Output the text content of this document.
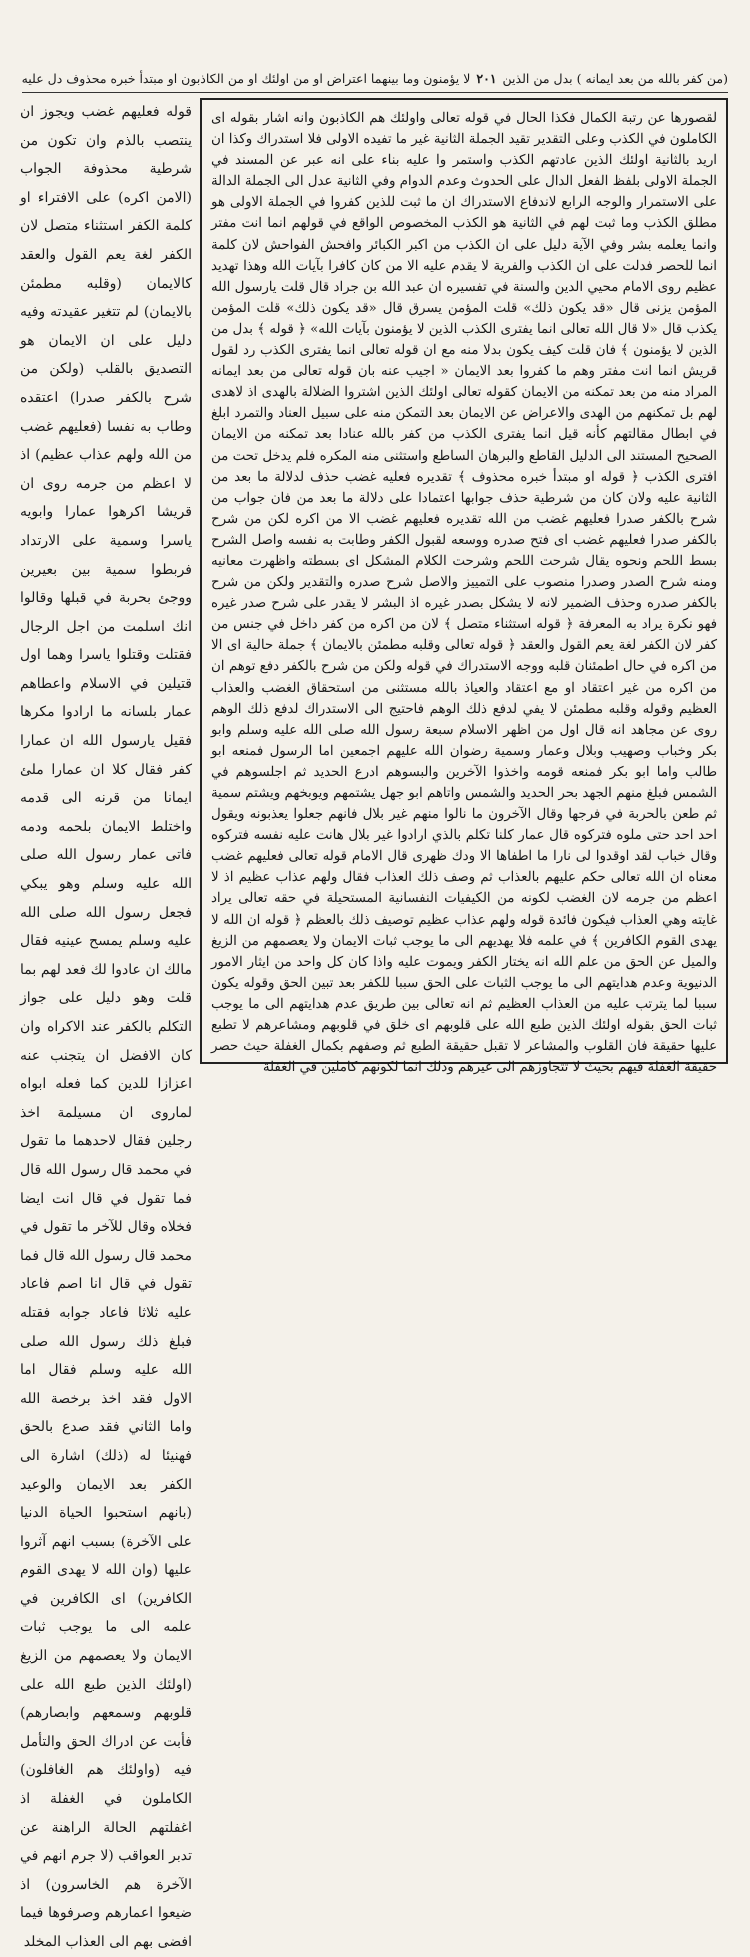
(من كفر بالله من بعد ايمانه ) بدل من الذين
٢٠١
لا يؤمنون وما بينهما اعتراض او من اولئك او من الكاذبون او مبتدأ خبره محذوف دل عليه
قوله فعليهم غضب ويجوز ان ينتصب بالذم وان تكون من شرطية محذوفة الجواب (الامن اكره) على الافتراء او كلمة الكفر استثناء متصل لان الكفر لغة يعم القول والعقد كالايمان (وقلبه مطمئن بالايمان) لم تتغير عقيدته وفيه دليل على ان الايمان هو التصديق بالقلب (ولكن من شرح بالكفر صدرا) اعتقده وطاب به نفسا (فعليهم غضب من الله ولهم عذاب عظيم) اذ لا اعظم من جرمه روى ان قريشا اكرهوا عمارا وابويه ياسرا وسمية على الارتداد فربطوا سمية بين بعيرين ووجئ بحربة في قبلها وقالوا انك اسلمت من اجل الرجال فقتلت وقتلوا ياسرا وهما اول قتيلين في الاسلام واعطاهم عمار بلسانه ما ارادوا مكرها فقيل يارسول الله ان عمارا كفر فقال كلا ان عمارا ملئ ايمانا من قرنه الى قدمه واختلط الايمان بلحمه ودمه فاتى عمار رسول الله صلى الله عليه وسلم وهو يبكي فجعل رسول الله صلى الله عليه وسلم يمسح عينيه فقال مالك ان عادوا لك فعد لهم بما قلت وهو دليل على جواز التكلم بالكفر عند الاكراه وان كان الافضل ان يتجنب عنه اعزازا للدين كما فعله ابواه لماروى ان مسيلمة اخذ رجلين فقال لاحدهما ما تقول في محمد قال رسول الله قال فما تقول في قال انت ايضا فخلاه وقال للآخر ما تقول في محمد قال رسول الله قال فما تقول في قال انا اصم فاعاد عليه ثلاثا فاعاد جوابه فقتله فبلغ ذلك رسول الله صلى الله عليه وسلم فقال اما الاول فقد اخذ برخصة الله واما الثاني فقد صدع بالحق فهنيئا له (ذلك) اشارة الى الكفر بعد الايمان والوعيد (بانهم استحبوا الحياة الدنيا على الآخرة) بسبب انهم آثروا عليها (وان الله لا يهدى القوم الكافرين) اى الكافرين في علمه الى ما يوجب ثبات الايمان ولا يعصمهم من الزيغ (اولئك الذين طبع الله على قلوبهم وسمعهم وابصارهم) فأبت عن ادراك الحق والتأمل فيه (واولئك هم الغافلون) الكاملون في الغفلة اذ اغفلتهم الحالة الراهنة عن تدبر العواقب (لا جرم انهم في الآخرة هم الخاسرون) اذ ضيعوا اعمارهم وصرفوها فيما افضى بهم الى العذاب المخلد
لقصورها عن رتبة الكمال فكذا الحال في قوله تعالى واولئك هم الكاذبون وانه اشار بقوله اى الكاملون في الكذب وعلى التقدير تقيد الجملة الثانية غير ما تفيده الاولى فلا استدراك وكذا ان اريد بالثانية اولئك الذين عادتهم الكذب واستمر وا عليه بناء على انه عبر عن المسند في الجملة الاولى بلفظ الفعل الدال على الحدوث وعدم الدوام وفي الثانية عدل الى الجملة الدالة على الاستمرار والوجه الرابع لاندفاع الاستدراك ان ما ثبت للذين كفروا في الجملة الاولى هو مطلق الكذب وما ثبت لهم في الثانية هو الكذب المخصوص الواقع في قولهم انما انت مفتر وانما يعلمه بشر وفي الآية دليل على ان الكذب من اكبر الكبائر وافحش الفواحش لان كلمة انما للحصر فدلت على ان الكذب والفرية لا يقدم عليه الا من كان كافرا بآيات الله وهذا تهديد عظيم روى الامام محيي الدين والسنة في تفسيره ان عبد الله بن جراد قال قلت يارسول الله المؤمن يزنى قال «قد يكون ذلك» قلت المؤمن يسرق قال «قد يكون ذلك» قلت المؤمن يكذب قال «لا قال الله تعالى انما يفترى الكذب الذين لا يؤمنون بآيات الله» ﴿ قوله ﴾ بدل من الذين لا يؤمنون ﴾ فان قلت كيف يكون بدلا منه مع ان قوله تعالى انما يفترى الكذب رد لقول قريش انما انت مفتر وهم ما كفروا بعد الايمان « اجيب عنه بان قوله تعالى من بعد ايمانه المراد منه من بعد تمكنه من الايمان كقوله تعالى اولئك الذين اشتروا الضلالة بالهدى اذ لاهدى لهم بل تمكنهم من الهدى والاعراض عن الايمان بعد التمكن منه على سبيل العناد والتمرد ابلغ في ابطال مقالتهم كأنه قيل انما يفترى الكذب من كفر بالله عنادا بعد تمكنه من الايمان الصحيح المستند الى الدليل القاطع والبرهان الساطع واستثنى منه المكره فلم يدخل تحت من افترى الكذب ﴿ قوله او مبتدأ خبره محذوف ﴾ تقديره فعليه غضب حذف لدلالة ما بعد من الثانية عليه ولان كان من شرطية حذف جوابها اعتمادا على دلالة ما بعد من فان جواب من شرح بالكفر صدرا فعليهم غضب من الله تقديره فعليهم غضب الا من اكره لكن من شرح بالكفر صدرا فعليهم غضب اى فتح صدره ووسعه لقبول الكفر وطابت به نفسه واصل الشرح بسط اللحم ونحوه يقال شرحت اللحم وشرحت الكلام المشكل اى بسطته واظهرت معانيه ومنه شرح الصدر وصدرا منصوب على التمييز والاصل شرح صدره والتقدير ولكن من شرح بالكفر صدره وحذف الضمير لانه لا يشكل بصدر غيره اذ البشر لا يقدر على شرح صدر غيره فهو نكرة يراد به المعرفة ﴿ قوله استثناء متصل ﴾ لان من اكره من كفر داخل في جنس من كفر لان الكفر لغة يعم القول والعقد ﴿ قوله تعالى وقلبه مطمئن بالايمان ﴾ جملة حالية اى الا من اكره في حال اطمئنان قلبه ووجه الاستدراك في قوله ولكن من شرح بالكفر دفع توهم ان من اكره من غير اعتقاد او مع اعتقاد والعياذ بالله مستثنى من استحقاق الغضب والعذاب العظيم وقوله وقلبه مطمئن لا يفي لدفع ذلك الوهم فاحتيج الى الاستدراك لدفع ذلك الوهم روى عن مجاهد انه قال اول من اظهر الاسلام سبعة رسول الله صلى الله عليه وسلم وابو بكر وخباب وصهيب وبلال وعمار وسمية رضوان الله عليهم اجمعين اما الرسول فمنعه ابو طالب واما ابو بكر فمنعه قومه واخذوا الآخرين والبسوهم ادرع الحديد ثم اجلسوهم في الشمس فبلغ منهم الجهد بحر الحديد والشمس واتاهم ابو جهل يشتمهم ويوبخهم ويشتم سمية ثم طعن بالحربة في فرجها وقال الآخرون ما نالوا منهم غير بلال فانهم جعلوا يعذبونه ويقول احد احد حتى ملوه فتركوه قال عمار كلنا تكلم بالذي ارادوا غير بلال هانت عليه نفسه فتركوه وقال خباب لقد اوقدوا لى نارا ما اطفاها الا ودك ظهرى قال الامام قوله تعالى فعليهم غضب معناه ان الله تعالى حكم عليهم بالعذاب ثم وصف ذلك العذاب فقال ولهم عذاب عظيم اذ لا اعظم من جرمه لان الغضب لكونه من الكيفيات النفسانية المستحيلة في حقه تعالى يراد غايته وهي العذاب فيكون فائدة قوله ولهم عذاب عظيم توصيف ذلك بالعظم ﴿ قوله ان الله لا يهدى القوم الكافرين ﴾ في علمه فلا يهديهم الى ما يوجب ثبات الايمان ولا يعصمهم من الزيغ والميل عن الحق من علم الله انه يختار الكفر ويموت عليه واذا كان كل واحد من ايثار الامور الدنيوية وعدم هدايتهم الى ما يوجب الثبات على الحق سببا للكفر بعد تبين الحق وقوله يكون سببا لما يترتب عليه من العذاب العظيم ثم انه تعالى بين طريق عدم هدايتهم الى ما يوجب ثبات الحق بقوله اولئك الذين طبع الله على قلوبهم اى خلق في قلوبهم ومشاعرهم لا تطبع عليها حقيقة فان القلوب والمشاعر لا تقبل حقيقة الطبع ثم وصفهم بكمال الغفلة حيث حصر حقيقة الغفلة فيهم بحيث لا تتجاوزهم الى غيرهم وذلك انما لكونهم كاملين في الغفلة
